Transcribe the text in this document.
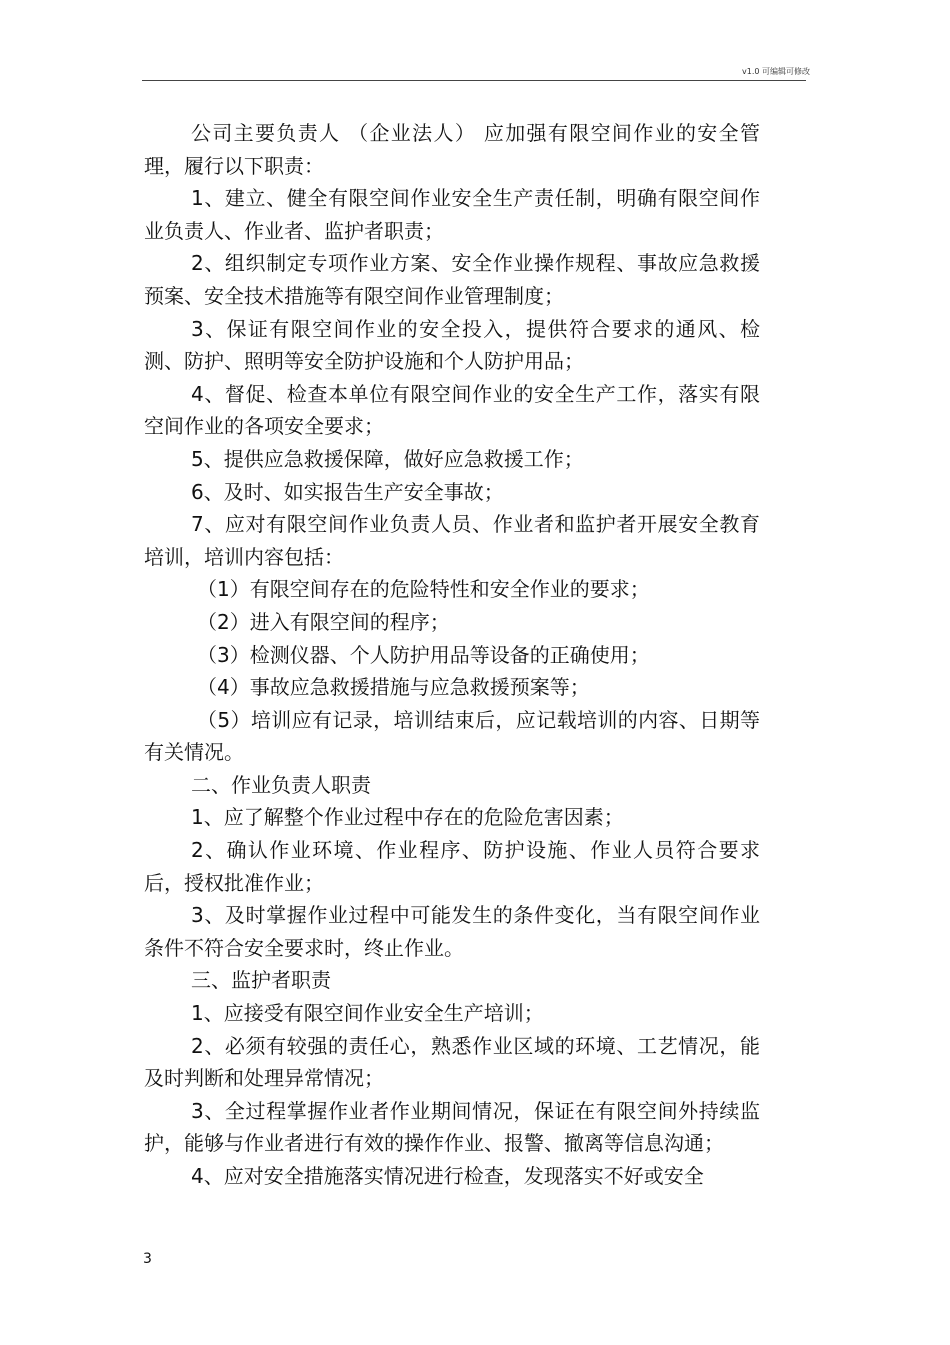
v1.0 可编辑可修改

公司主要负责人 （企业法人） 应加强有限空间作业的安全管理，履行以下职责：

1、建立、健全有限空间作业安全生产责任制，明确有限空间作业负责人、作业者、监护者职责；

2、组织制定专项作业方案、安全作业操作规程、事故应急救援预案、安全技术措施等有限空间作业管理制度；

3、保证有限空间作业的安全投入，提供符合要求的通风、检测、防护、照明等安全防护设施和个人防护用品；

4、督促、检查本单位有限空间作业的安全生产工作，落实有限空间作业的各项安全要求；

5、提供应急救援保障，做好应急救援工作；

6、及时、如实报告生产安全事故；

7、应对有限空间作业负责人员、作业者和监护者开展安全教育培训，培训内容包括：

（1）有限空间存在的危险特性和安全作业的要求；

（2）进入有限空间的程序；

（3）检测仪器、个人防护用品等设备的正确使用；

（4）事故应急救援措施与应急救援预案等；

（5）培训应有记录，培训结束后，应记载培训的内容、日期等有关情况。

二、作业负责人职责

1、应了解整个作业过程中存在的危险危害因素；

2、确认作业环境、作业程序、防护设施、作业人员符合要求后，授权批准作业；

3、及时掌握作业过程中可能发生的条件变化，当有限空间作业条件不符合安全要求时，终止作业。

三、监护者职责

1、应接受有限空间作业安全生产培训；

2、必须有较强的责任心，熟悉作业区域的环境、工艺情况，能及时判断和处理异常情况；

3、全过程掌握作业者作业期间情况，保证在有限空间外持续监护，能够与作业者进行有效的操作作业、报警、撤离等信息沟通；

4、应对安全措施落实情况进行检查，发现落实不好或安全

3
